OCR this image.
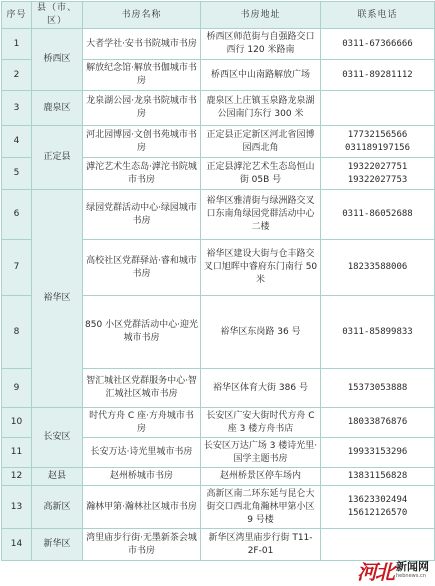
序号	县（市、区）	书房名称	书房地址	联系电话
1	桥西区	大者学社·安书书院城市书房	桥西区师范街与自强路交口西行 120 米路南	0311-67366666
2		解放纪念馆·解放书伽城市书房	桥西区中山南路解放广场	0311-89281112
3	鹿泉区	龙泉湖公园·龙泉书院城市书房	鹿泉区上庄镇玉泉路龙泉湖公园南门东行 300 米	
4	正定县	河北园博园·文创书苑城市书房	正定县正定新区河北省园博园西北角	17732156566
031189197156
5		滹沱艺术生态岛·滹沱书院城市书房	正定县滹沱艺术生态岛恒山街 05B 号	19322027751
19322027753
6	裕华区	绿园党群活动中心·绿园城市书房	裕华区雅清街与绿洲路交叉口东南角绿园党群活动中心二楼	0311-86052688
7		高校社区党群驿站·睿和城市书房	裕华区建设大街与仓丰路交叉口旭晖中睿府东门南行 50 米	18233588006
8		850 小区党群活动中心·迎光城市书房	裕华区东岗路 36 号	0311-85899833
9		智汇城社区党群服务中心·智汇城社区城市书房	裕华区体育大街 386 号	15373053888
10	长安区	时代方舟 C 座·方舟城市书房	长安区广安大街时代方舟 C 座 3 楼方舟书店	18033876876
11		长安万达·诗光里城市书房	长安区万达广场 3 楼诗光里·国学主题书房	19933153296
12	赵县	赵州桥城市书房	赵州桥景区停车场内	13831156828
13	高新区	瀚林甲第·瀚林社区城市书房	高新区南二环东延与昆仑大街交口西北角瀚林甲第小区 9 号楼	13623302494
15612126570
14	新华区	湾里庙步行街·无墨新茶会城市书房	新华区湾里庙步行街 T11-2F-01	
河北 新闻网
hebnews.cn
